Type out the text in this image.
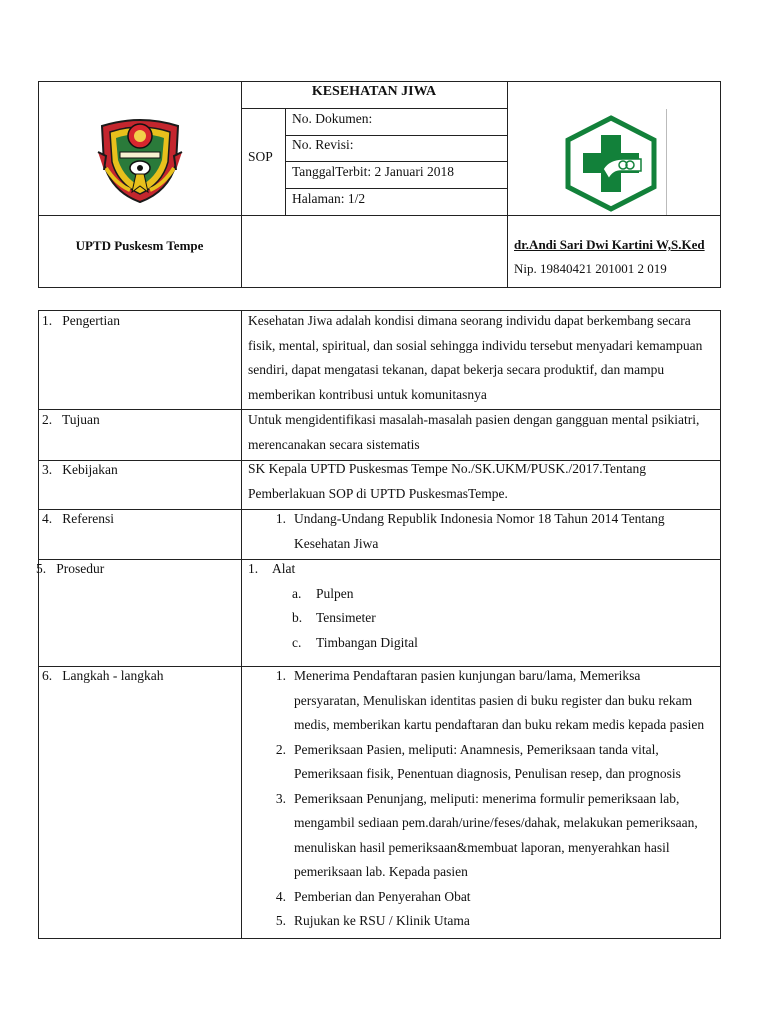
KESEHATAN JIWA
SOP
No. Dokumen:
No. Revisi:
TanggalTerbit: 2 Januari 2018
Halaman: 1/2
UPTD Puskesm Tempe	dr.Andi Sari Dwi Kartini W,S.Ked
Nip. 19840421 201001 2 019
1.   Pengertian	Kesehatan Jiwa adalah kondisi dimana seorang individu dapat berkembang secara
fisik, mental, spiritual, dan sosial sehingga individu tersebut menyadari kemampuan
sendiri, dapat mengatasi tekanan, dapat bekerja secara produktif, dan mampu
memberikan kontribusi untuk komunitasnya
2.   Tujuan	Untuk mengidentifikasi masalah-masalah pasien dengan gangguan mental psikiatri,
merencanakan secara sistematis
3.   Kebijakan	SK Kepala UPTD Puskesmas Tempe No./SK.UKM/PUSK./2017.Tentang
Pemberlakuan SOP di UPTD PuskesmasTempe.
4.   Referensi	1. Undang-Undang Republik Indonesia Nomor 18 Tahun 2014 Tentang
Kesehatan Jiwa
5.   Prosedur	1.	Alat
a.	Pulpen
b.	Tensimeter
c.	Timbangan Digital
6.   Langkah - langkah	1. Menerima Pendaftaran pasien kunjungan baru/lama, Memeriksa
persyaratan, Menuliskan identitas pasien di buku register dan buku rekam
medis, memberikan kartu pendaftaran dan buku rekam medis kepada pasien
2. Pemeriksaan Pasien, meliputi: Anamnesis, Pemeriksaan tanda vital,
Pemeriksaan fisik, Penentuan diagnosis, Penulisan resep, dan prognosis
3. Pemeriksaan Penunjang, meliputi: menerima formulir pemeriksaan lab,
mengambil sediaan pem.darah/urine/feses/dahak, melakukan pemeriksaan,
menuliskan hasil pemeriksaan&membuat laporan, menyerahkan hasil
pemeriksaan lab. Kepada pasien
4. Pemberian dan Penyerahan Obat
5. Rujukan ke RSU / Klinik Utama
